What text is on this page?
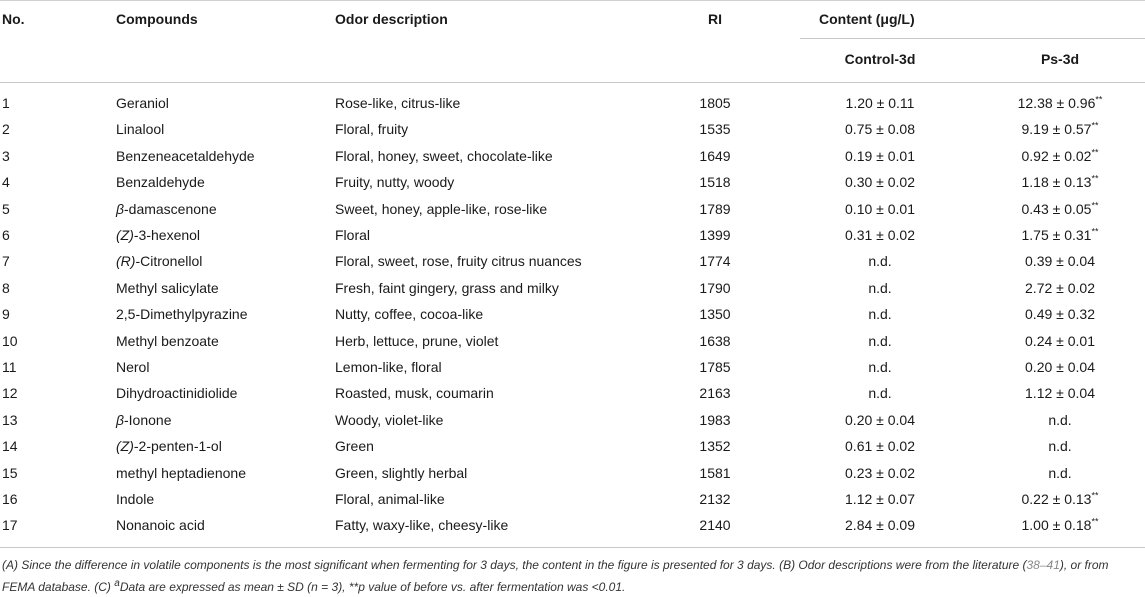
No.	Compounds	Odor description	RI	Content (μg/L)
Control-3d	Ps-3d
1	Geraniol	Rose-like, citrus-like	1805	1.20 ± 0.11	12.38 ± 0.96**
2	Linalool	Floral, fruity	1535	0.75 ± 0.08	9.19 ± 0.57**
3	Benzeneacetaldehyde	Floral, honey, sweet, chocolate-like	1649	0.19 ± 0.01	0.92 ± 0.02**
4	Benzaldehyde	Fruity, nutty, woody	1518	0.30 ± 0.02	1.18 ± 0.13**
5	β-damascenone	Sweet, honey, apple-like, rose-like	1789	0.10 ± 0.01	0.43 ± 0.05**
6	(Z)-3-hexenol	Floral	1399	0.31 ± 0.02	1.75 ± 0.31**
7	(R)-Citronellol	Floral, sweet, rose, fruity citrus nuances	1774	n.d.	0.39 ± 0.04
8	Methyl salicylate	Fresh, faint gingery, grass and milky	1790	n.d.	2.72 ± 0.02
9	2,5-Dimethylpyrazine	Nutty, coffee, cocoa-like	1350	n.d.	0.49 ± 0.32
10	Methyl benzoate	Herb, lettuce, prune, violet	1638	n.d.	0.24 ± 0.01
11	Nerol	Lemon-like, floral	1785	n.d.	0.20 ± 0.04
12	Dihydroactinidiolide	Roasted, musk, coumarin	2163	n.d.	1.12 ± 0.04
13	β-Ionone	Woody, violet-like	1983	0.20 ± 0.04	n.d.
14	(Z)-2-penten-1-ol	Green	1352	0.61 ± 0.02	n.d.
15	methyl heptadienone	Green, slightly herbal	1581	0.23 ± 0.02	n.d.
16	Indole	Floral, animal-like	2132	1.12 ± 0.07	0.22 ± 0.13**
17	Nonanoic acid	Fatty, waxy-like, cheesy-like	2140	2.84 ± 0.09	1.00 ± 0.18**
(A) Since the difference in volatile components is the most significant when fermenting for 3 days, the content in the figure is presented for 3 days. (B) Odor descriptions were from the literature (38–41), or from FEMA database. (C) $^a$Data are expressed as mean ± SD (n = 3), **p value of before vs. after fermentation was <0.01.
